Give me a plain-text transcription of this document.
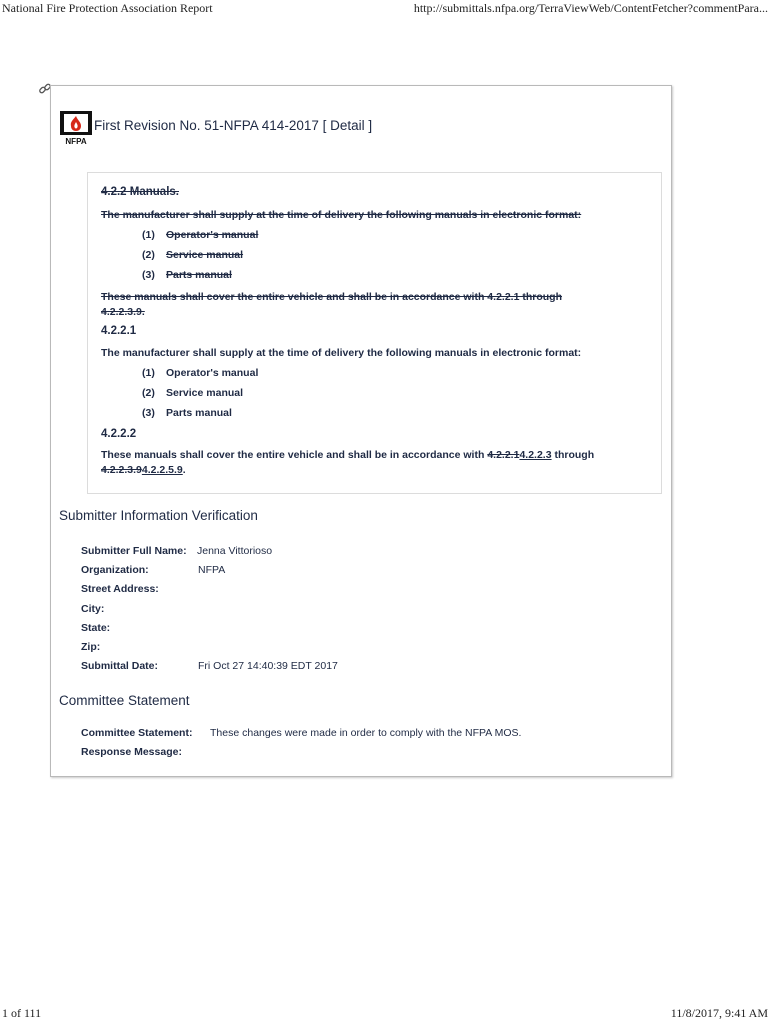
National Fire Protection Association Report	http://submittals.nfpa.org/TerraViewWeb/ContentFetcher?commentPara...
NFPA
First Revision No. 51-NFPA 414-2017 [ Detail ]
4.2.2 Manuals.
The manufacturer shall supply at the time of delivery the following manuals in electronic format:
(1) Operator's manual
(2) Service manual
(3) Parts manual
These manuals shall cover the entire vehicle and shall be in accordance with 4.2.2.1 through
4.2.2.3.9.
4.2.2.1
The manufacturer shall supply at the time of delivery the following manuals in electronic format:
(1) Operator's manual
(2) Service manual
(3) Parts manual
4.2.2.2
These manuals shall cover the entire vehicle and shall be in accordance with 4.2.2.14.2.2.3 through
4.2.2.3.94.2.2.5.9.
Submitter Information Verification
Submitter Full Name: Jenna Vittorioso
Organization:	NFPA
Street Address:
City:
State:
Zip:
Submittal Date:	Fri Oct 27 14:40:39 EDT 2017
Committee Statement
Committee Statement: These changes were made in order to comply with the NFPA MOS.
Response Message:
1 of 111	11/8/2017, 9:41 AM
